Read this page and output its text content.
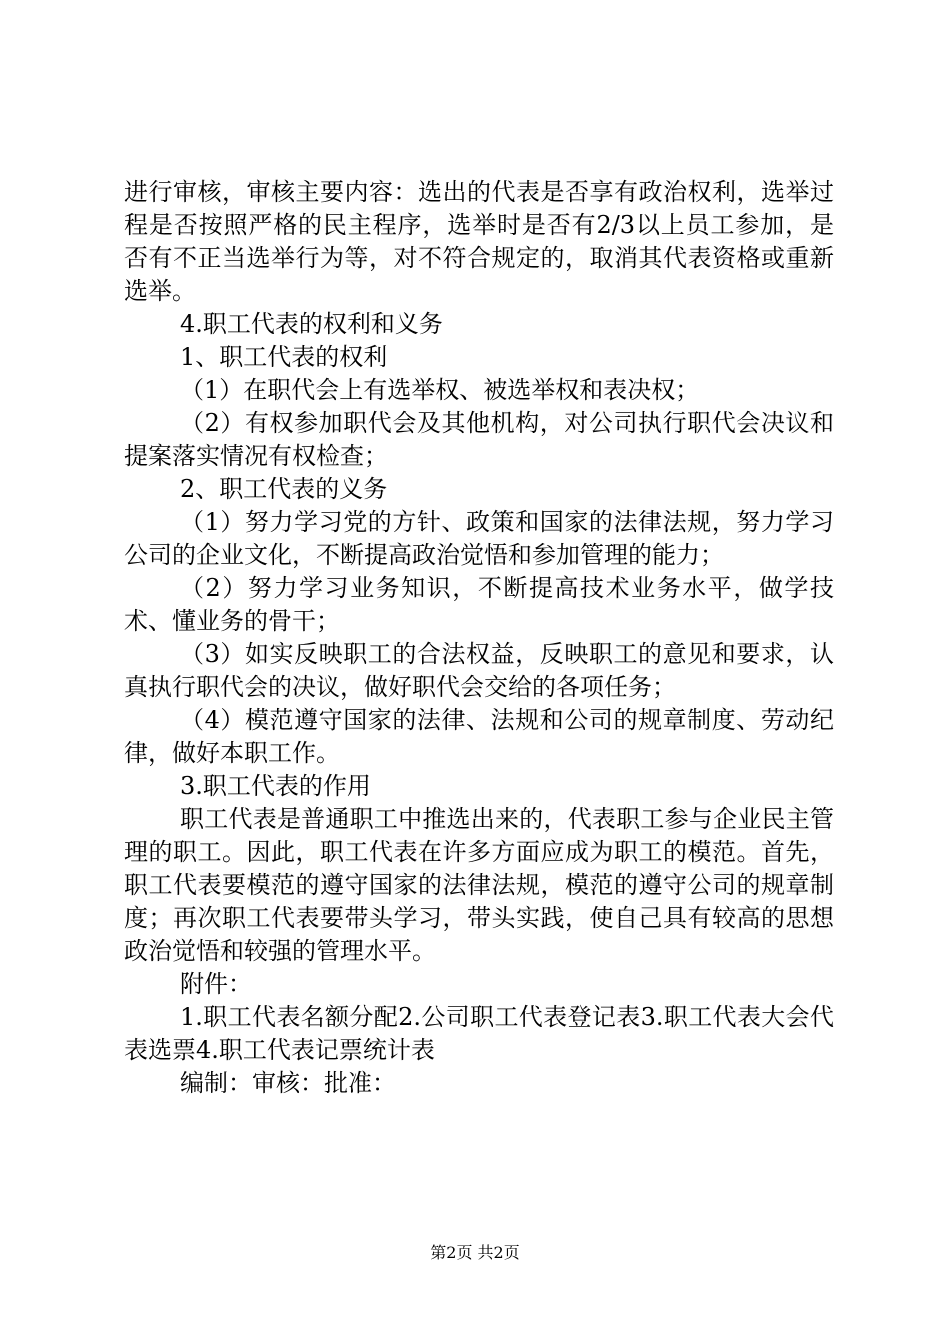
进行审核，审核主要内容：选出的代表是否享有政治权利，选举过程是否按照严格的民主程序，选举时是否有2/3以上员工参加，是否有不正当选举行为等，对不符合规定的，取消其代表资格或重新选举。

4.职工代表的权利和义务

1、职工代表的权利

（1）在职代会上有选举权、被选举权和表决权；

（2）有权参加职代会及其他机构，对公司执行职代会决议和提案落实情况有权检查；

2、职工代表的义务

（1）努力学习党的方针、政策和国家的法律法规，努力学习公司的企业文化，不断提高政治觉悟和参加管理的能力；

（2）努力学习业务知识，不断提高技术业务水平，做学技术、懂业务的骨干；

（3）如实反映职工的合法权益，反映职工的意见和要求，认真执行职代会的决议，做好职代会交给的各项任务；

（4）模范遵守国家的法律、法规和公司的规章制度、劳动纪律，做好本职工作。

3.职工代表的作用

职工代表是普通职工中推选出来的，代表职工参与企业民主管理的职工。因此，职工代表在许多方面应成为职工的模范。首先，职工代表要模范的遵守国家的法律法规，模范的遵守公司的规章制度；再次职工代表要带头学习，带头实践，使自己具有较高的思想政治觉悟和较强的管理水平。

附件：

1.职工代表名额分配2.公司职工代表登记表3.职工代表大会代表选票4.职工代表记票统计表

编制：审核：批准：

第2页 共2页
